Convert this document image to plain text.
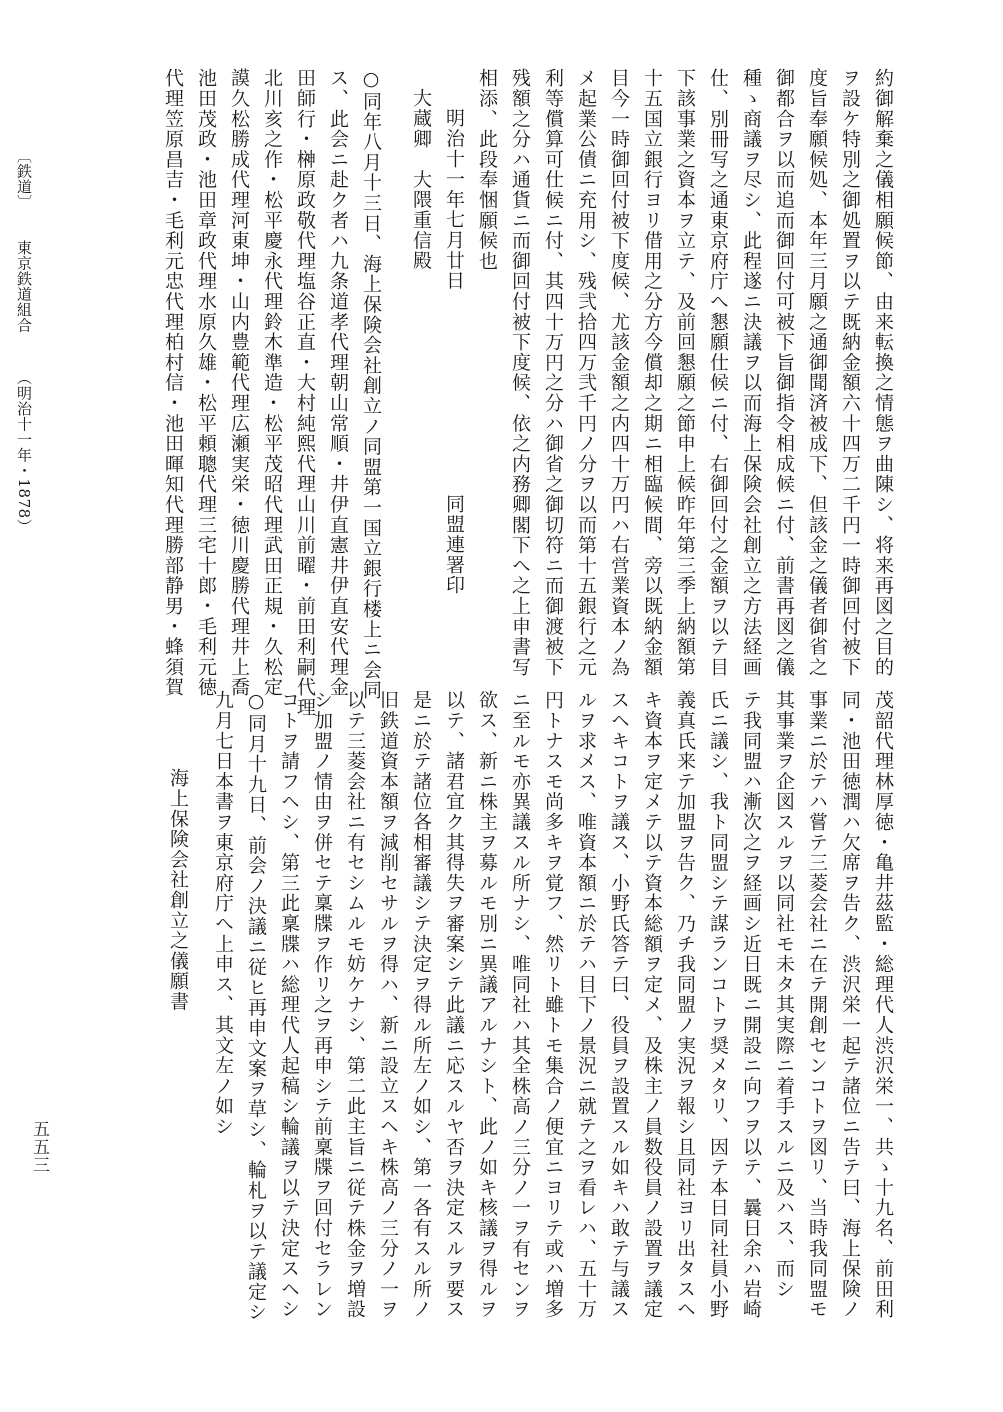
約御解棄之儀相願候節、由来転換之情態ヲ曲陳シ、将来再図之目的
ヲ設ケ特別之御処置ヲ以テ既納金額六十四万二千円一時御回付被下
度旨奉願候処、本年三月願之通御聞済被成下、但該金之儀者御省之
御都合ヲ以而追而御回付可被下旨御指令相成候ニ付、前書再図之儀
種ゝ商議ヲ尽シ、此程遂ニ決議ヲ以而海上保険会社創立之方法経画
仕、別冊写之通東京府庁へ懇願仕候ニ付、右御回付之金額ヲ以テ目
下該事業之資本ヲ立テ、及前回懇願之節申上候昨年第三季上納額第
十五国立銀行ヨリ借用之分方今償却之期ニ相臨候間、旁以既納金額
目今一時御回付被下度候、尤該金額之内四十万円ハ右営業資本ノ為
メ起業公債ニ充用シ、残弐拾四万弐千円ノ分ヲ以而第十五銀行之元
利等償算可仕候ニ付、其四十万円之分ハ御省之御切符ニ而御渡被下
残額之分ハ通貨ニ而御回付被下度候、依之内務卿閣下へ之上申書写
相添、此段奉悃願候也
明治十一年七月廿日　　　　　　　　　　同盟連署印
大蔵卿　大隈重信殿
○同年八月十三日、海上保険会社創立ノ同盟第一国立銀行楼上ニ会同
ス、此会ニ赴ク者ハ九条道孝代理朝山常順・井伊直憲井伊直安代理金
田師行・榊原政敬代理塩谷正直・大村純熙代理山川前曜・前田利嗣代理
北川亥之作・松平慶永代理鈴木準造・松平茂昭代理武田正規・久松定
謨久松勝成代理河東坤・山内豊範代理広瀬実栄・徳川慶勝代理井上喬
池田茂政・池田章政代理水原久雄・松平頼聰代理三宅十郎・毛利元徳
代理笠原昌吉・毛利元忠代理柏村信・池田暉知代理勝部静男・蜂須賀
茂韶代理林厚徳・亀井茲監・総理代人渋沢栄一、共ゝ十九名、前田利
同・池田徳潤ハ欠席ヲ告ク、渋沢栄一起テ諸位ニ告テ曰、海上保険ノ
事業ニ於テハ嘗テ三菱会社ニ在テ開創センコトヲ図リ、当時我同盟モ
其事業ヲ企図スルヲ以同社モ未タ其実際ニ着手スルニ及ハス、而シ
テ我同盟ハ漸次之ヲ経画シ近日既ニ開設ニ向フヲ以テ、曩日余ハ岩崎
氏ニ議シ、我ト同盟シテ謀ランコトヲ奨メタリ、因テ本日同社員小野
義真氏来テ加盟ヲ告ク、乃チ我同盟ノ実況ヲ報シ且同社ヨリ出タスヘ
キ資本ヲ定メテ以テ資本総額ヲ定メ、及株主ノ員数役員ノ設置ヲ議定
スヘキコトヲ議ス、小野氏答テ曰、役員ヲ設置スル如キハ敢テ与議ス
ルヲ求メス、唯資本額ニ於テハ目下ノ景況ニ就テ之ヲ看レハ、五十万
円トナスモ尚多キヲ覚フ、然リト雖トモ集合ノ便宜ニヨリテ或ハ増多
ニ至ルモ亦異議スル所ナシ、唯同社ハ其全株高ノ三分ノ一ヲ有センヲ
欲ス、新ニ株主ヲ募ルモ別ニ異議アルナシト、此ノ如キ核議ヲ得ルヲ
以テ、諸君宜ク其得失ヲ審案シテ此議ニ応スルヤ否ヲ決定スルヲ要ス
是ニ於テ諸位各相審議シテ決定ヲ得ル所左ノ如シ、第一各有スル所ノ
旧鉄道資本額ヲ減削セサルヲ得ハ、新ニ設立スヘキ株高ノ三分ノ一ヲ
以テ三菱会社ニ有セシムルモ妨ケナシ、第二此主旨ニ従テ株金ヲ増設
シ加盟ノ情由ヲ併セテ稟牒ヲ作リ之ヲ再申シテ前稟牒ヲ回付セラレン
コトヲ請フヘシ、第三此稟牒ハ総理代人起稿シ輪議ヲ以テ決定スヘシ
○同月十九日、前会ノ決議ニ従ヒ再申文案ヲ草シ、輪札ヲ以テ議定シ
九月七日本書ヲ東京府庁へ上申ス、其文左ノ如シ
海上保険会社創立之儀願書
〔鉄道〕
東京鉄道組合
（明治十一年・1878）
五五三
